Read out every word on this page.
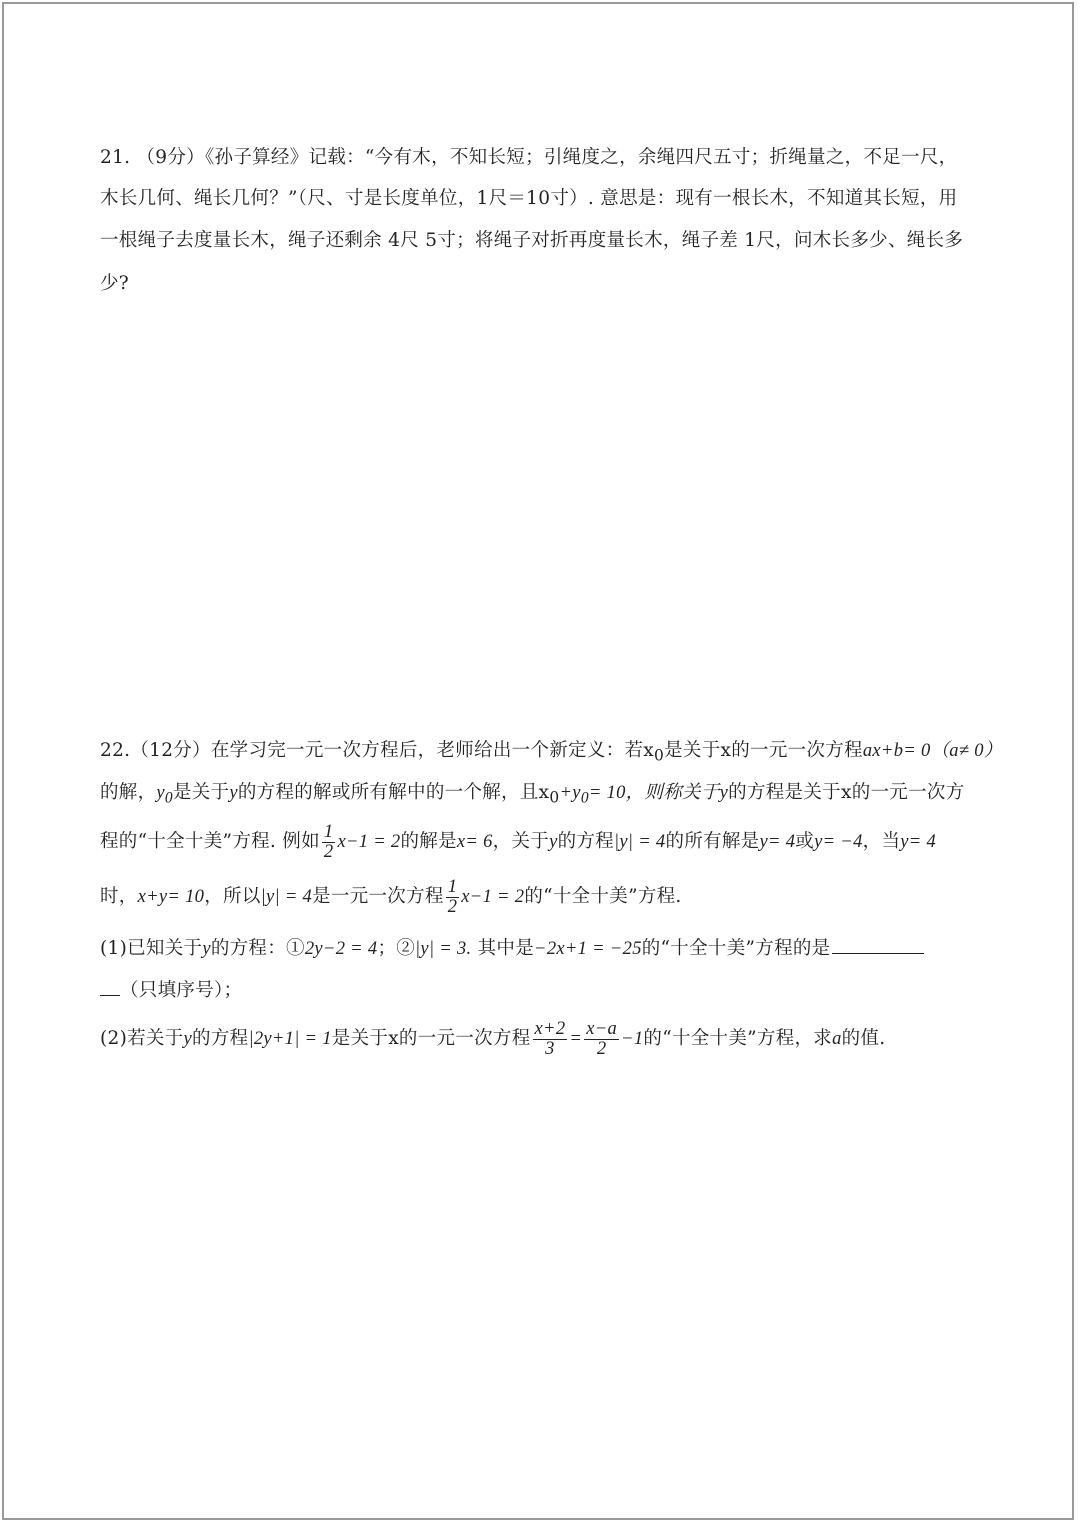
21. （9分）《孙子算经》记载：“今有木，不知长短；引绳度之，余绳四尺五寸；折绳量之，不足一尺，
木长几何、绳长几何？”（尺、寸是长度单位，1尺＝10寸）. 意思是：现有一根长木，不知道其长短，用
一根绳子去度量长木，绳子还剩余 4尺 5寸；将绳子对折再度量长木，绳子差 1尺，问木长多少、绳长多
少?
22.（12分）在学习完一元一次方程后，老师给出一个新定义：若$x_0$是关于x的一元一次方程ax+b= 0（a≠ 0）
的解，$y_0$是关于y的方程的解或所有解中的一个解，且$x_0+y_0= 10$，则称关于y的方程是关于x的一元一次方
程的“十全十美”方程. 例如 $\frac{1}{2} x-1 = 2$的解是x= 6，关于y的方程|y| = 4的所有解是y= 4或y= −4，当y= 4
时，x+y= 10，所以|y| = 4是一元一次方程 $\frac{1}{2} x-1 = 2$的“十全十美”方程.
(1)已知关于y的方程：①2y−2 = 4；②|y| = 3. 其中是−2x+1 = −25的“十全十美”方程的是
（只填序号）；
(2)若关于y的方程|2y+1| = 1是关于x的一元一次方程 $\frac{x+2}{3} = \frac{x-a}{2} -1$的“十全十美”方程，求a的值.
